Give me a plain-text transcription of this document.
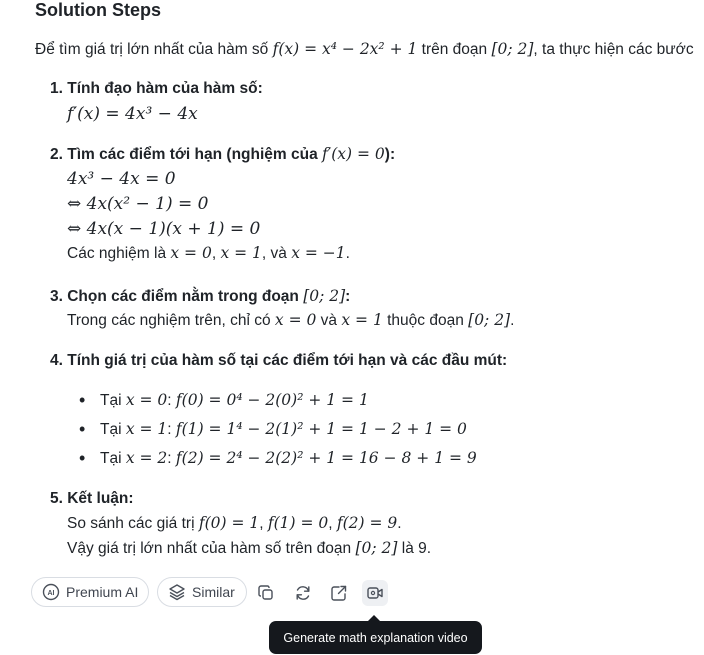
Solution Steps
Để tìm giá trị lớn nhất của hàm số f(x) = x⁴ − 2x² + 1 trên đoạn [0; 2], ta thực hiện các bước
1. Tính đạo hàm của hàm số:
f′(x) = 4x³ − 4x
2. Tìm các điểm tới hạn (nghiệm của f′(x) = 0):
4x³ − 4x = 0
⇔ 4x(x² − 1) = 0
⇔ 4x(x − 1)(x + 1) = 0
Các nghiệm là x = 0, x = 1, và x = −1.
3. Chọn các điểm nằm trong đoạn [0; 2]:
Trong các nghiệm trên, chỉ có x = 0 và x = 1 thuộc đoạn [0; 2].
4. Tính giá trị của hàm số tại các điểm tới hạn và các đầu mút:
• Tại x = 0: f(0) = 0⁴ − 2(0)² + 1 = 1
• Tại x = 1: f(1) = 1⁴ − 2(1)² + 1 = 1 − 2 + 1 = 0
• Tại x = 2: f(2) = 2⁴ − 2(2)² + 1 = 16 − 8 + 1 = 9
5. Kết luận:
So sánh các giá trị f(0) = 1, f(1) = 0, f(2) = 9.
Vậy giá trị lớn nhất của hàm số trên đoạn [0; 2] là 9.
AI Premium AI	Similar
Generate math explanation video
